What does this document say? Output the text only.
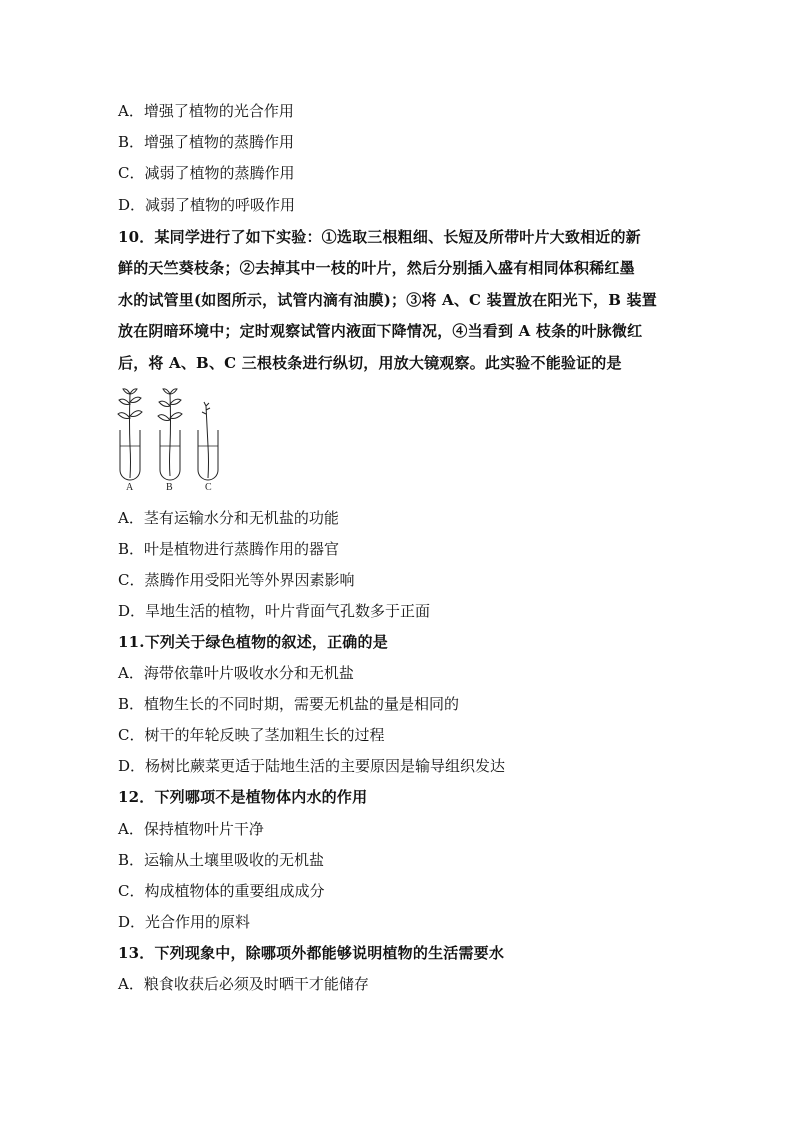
A．增强了植物的光合作用
B．增强了植物的蒸腾作用
C．减弱了植物的蒸腾作用
D．减弱了植物的呼吸作用
10．某同学进行了如下实验：①选取三根粗细、长短及所带叶片大致相近的新
鲜的天竺葵枝条；②去掉其中一枝的叶片，然后分别插入盛有相同体积稀红墨
水的试管里(如图所示，试管内滴有油膜)；③将 A、C 装置放在阳光下，B 装置
放在阴暗环境中；定时观察试管内液面下降情况，④当看到 A 枝条的叶脉微红
后，将 A、B、C 三根枝条进行纵切，用放大镜观察。此实验不能验证的是
A	B	C
A．茎有运输水分和无机盐的功能
B．叶是植物进行蒸腾作用的器官
C．蒸腾作用受阳光等外界因素影响
D．旱地生活的植物，叶片背面气孔数多于正面
11.下列关于绿色植物的叙述，正确的是
A．海带依靠叶片吸收水分和无机盐
B．植物生长的不同时期，需要无机盐的量是相同的
C．树干的年轮反映了茎加粗生长的过程
D．杨树比蕨菜更适于陆地生活的主要原因是输导组织发达
12．下列哪项不是植物体内水的作用
A．保持植物叶片干净
B．运输从土壤里吸收的无机盐
C．构成植物体的重要组成成分
D．光合作用的原料
13．下列现象中，除哪项外都能够说明植物的生活需要水
A．粮食收获后必须及时晒干才能储存
